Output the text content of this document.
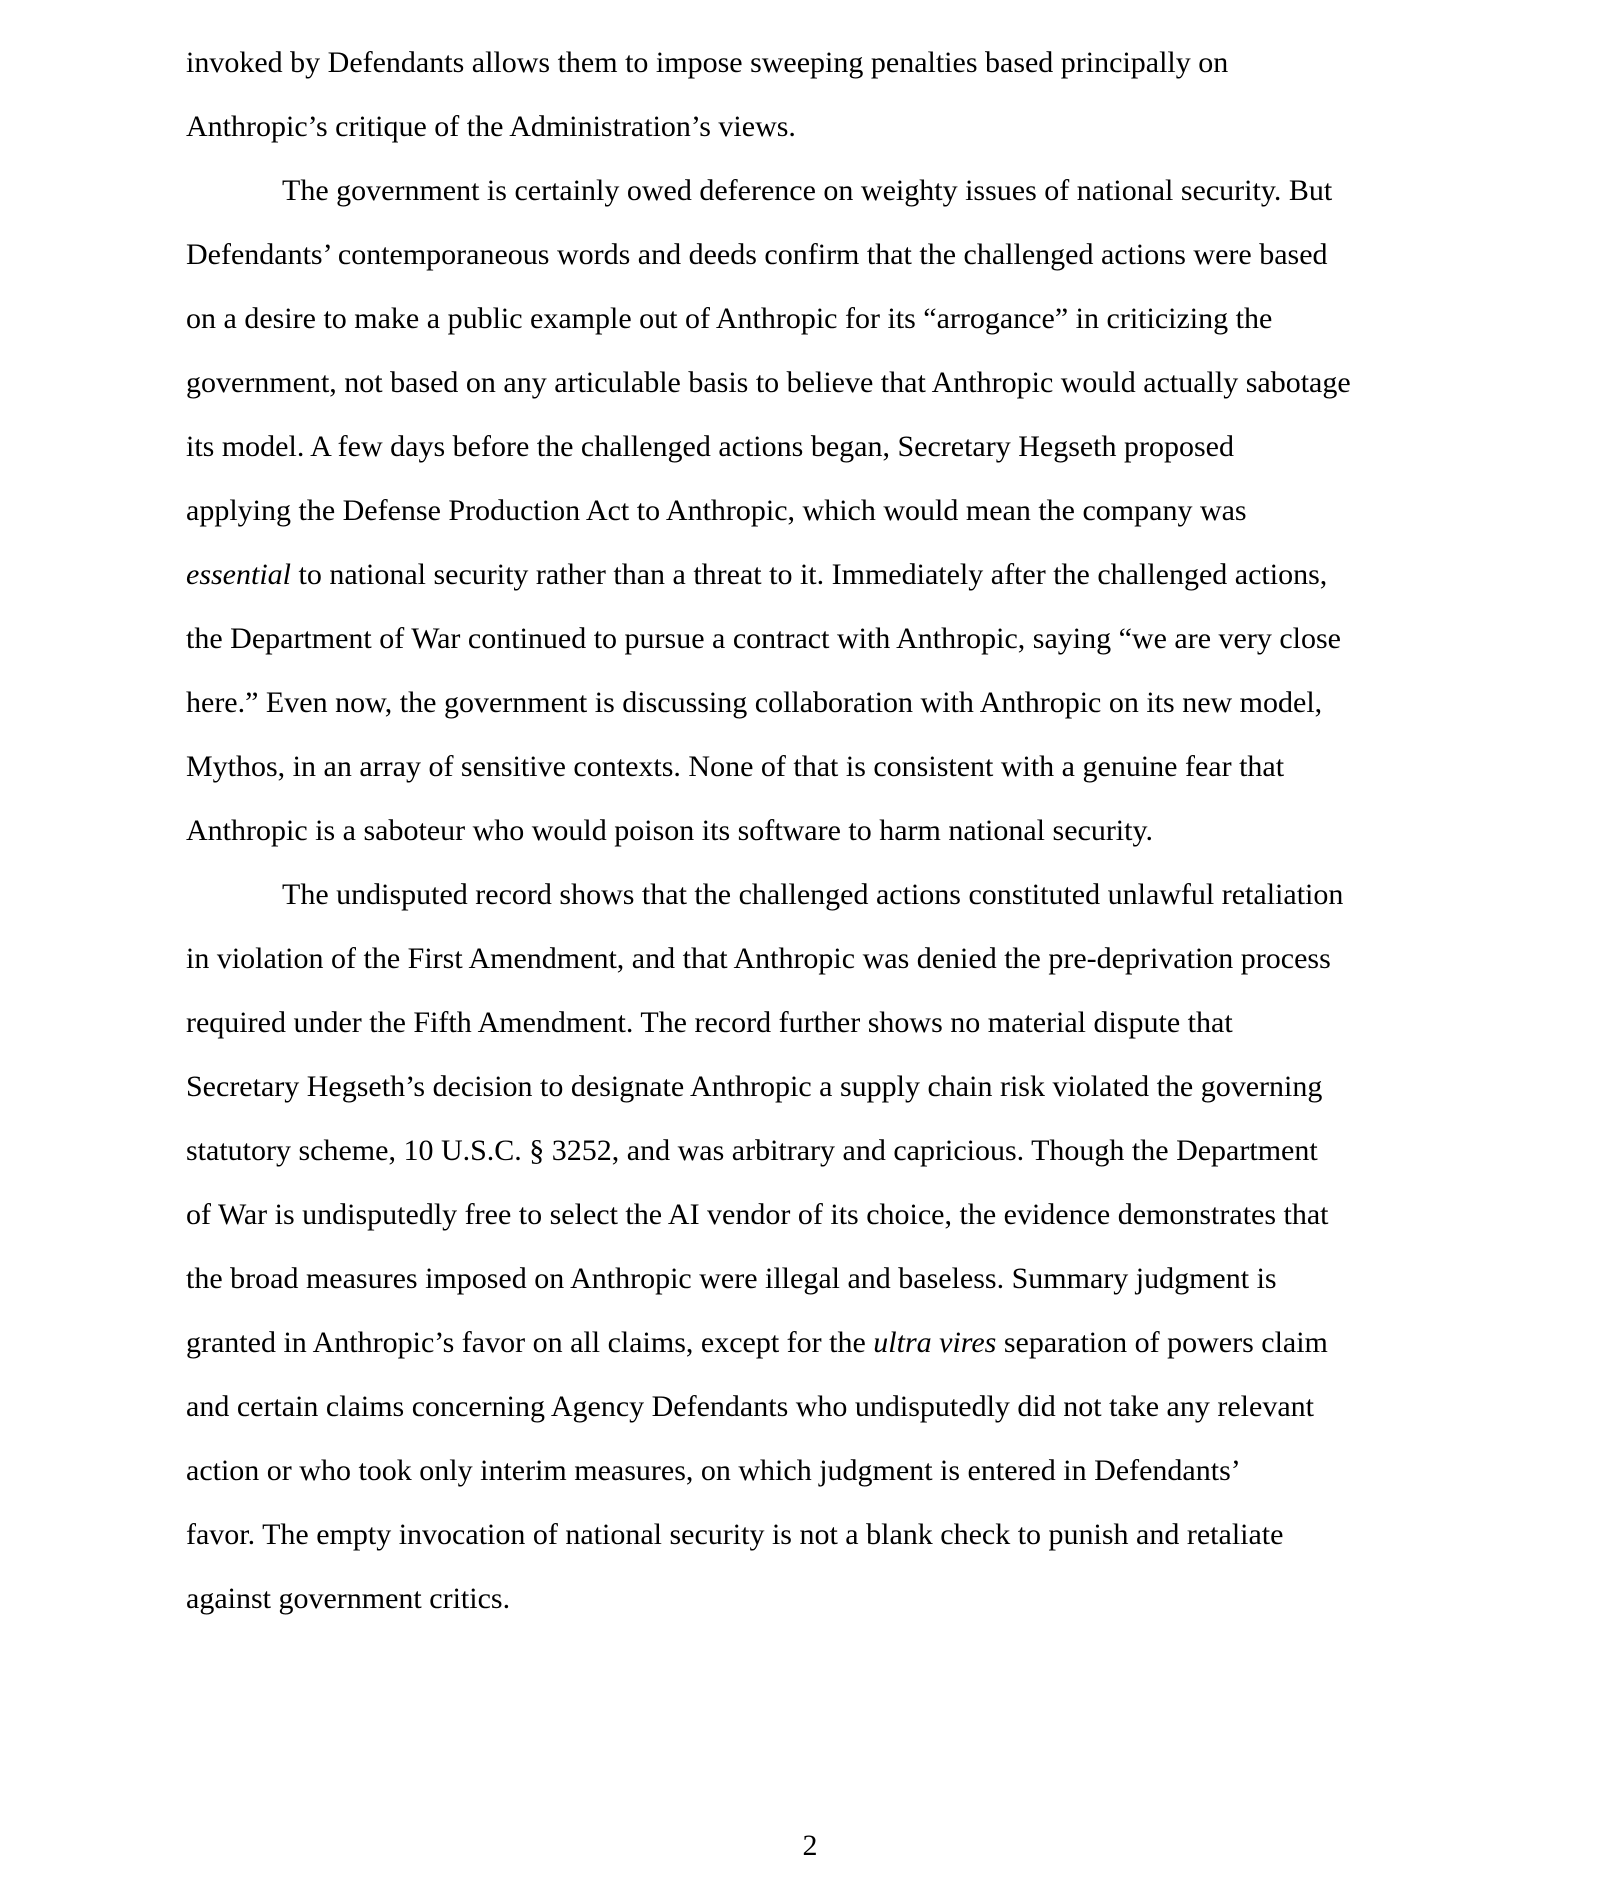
invoked by Defendants allows them to impose sweeping penalties based principally on
Anthropic’s critique of the Administration’s views.
The government is certainly owed deference on weighty issues of national security. But
Defendants’ contemporaneous words and deeds confirm that the challenged actions were based
on a desire to make a public example out of Anthropic for its “arrogance” in criticizing the
government, not based on any articulable basis to believe that Anthropic would actually sabotage
its model. A few days before the challenged actions began, Secretary Hegseth proposed
applying the Defense Production Act to Anthropic, which would mean the company was
essential to national security rather than a threat to it. Immediately after the challenged actions,
the Department of War continued to pursue a contract with Anthropic, saying “we are very close
here.” Even now, the government is discussing collaboration with Anthropic on its new model,
Mythos, in an array of sensitive contexts. None of that is consistent with a genuine fear that
Anthropic is a saboteur who would poison its software to harm national security.
The undisputed record shows that the challenged actions constituted unlawful retaliation
in violation of the First Amendment, and that Anthropic was denied the pre-deprivation process
required under the Fifth Amendment. The record further shows no material dispute that
Secretary Hegseth’s decision to designate Anthropic a supply chain risk violated the governing
statutory scheme, 10 U.S.C. § 3252, and was arbitrary and capricious. Though the Department
of War is undisputedly free to select the AI vendor of its choice, the evidence demonstrates that
the broad measures imposed on Anthropic were illegal and baseless. Summary judgment is
granted in Anthropic’s favor on all claims, except for the ultra vires separation of powers claim
and certain claims concerning Agency Defendants who undisputedly did not take any relevant
action or who took only interim measures, on which judgment is entered in Defendants’
favor. The empty invocation of national security is not a blank check to punish and retaliate
against government critics.
2
